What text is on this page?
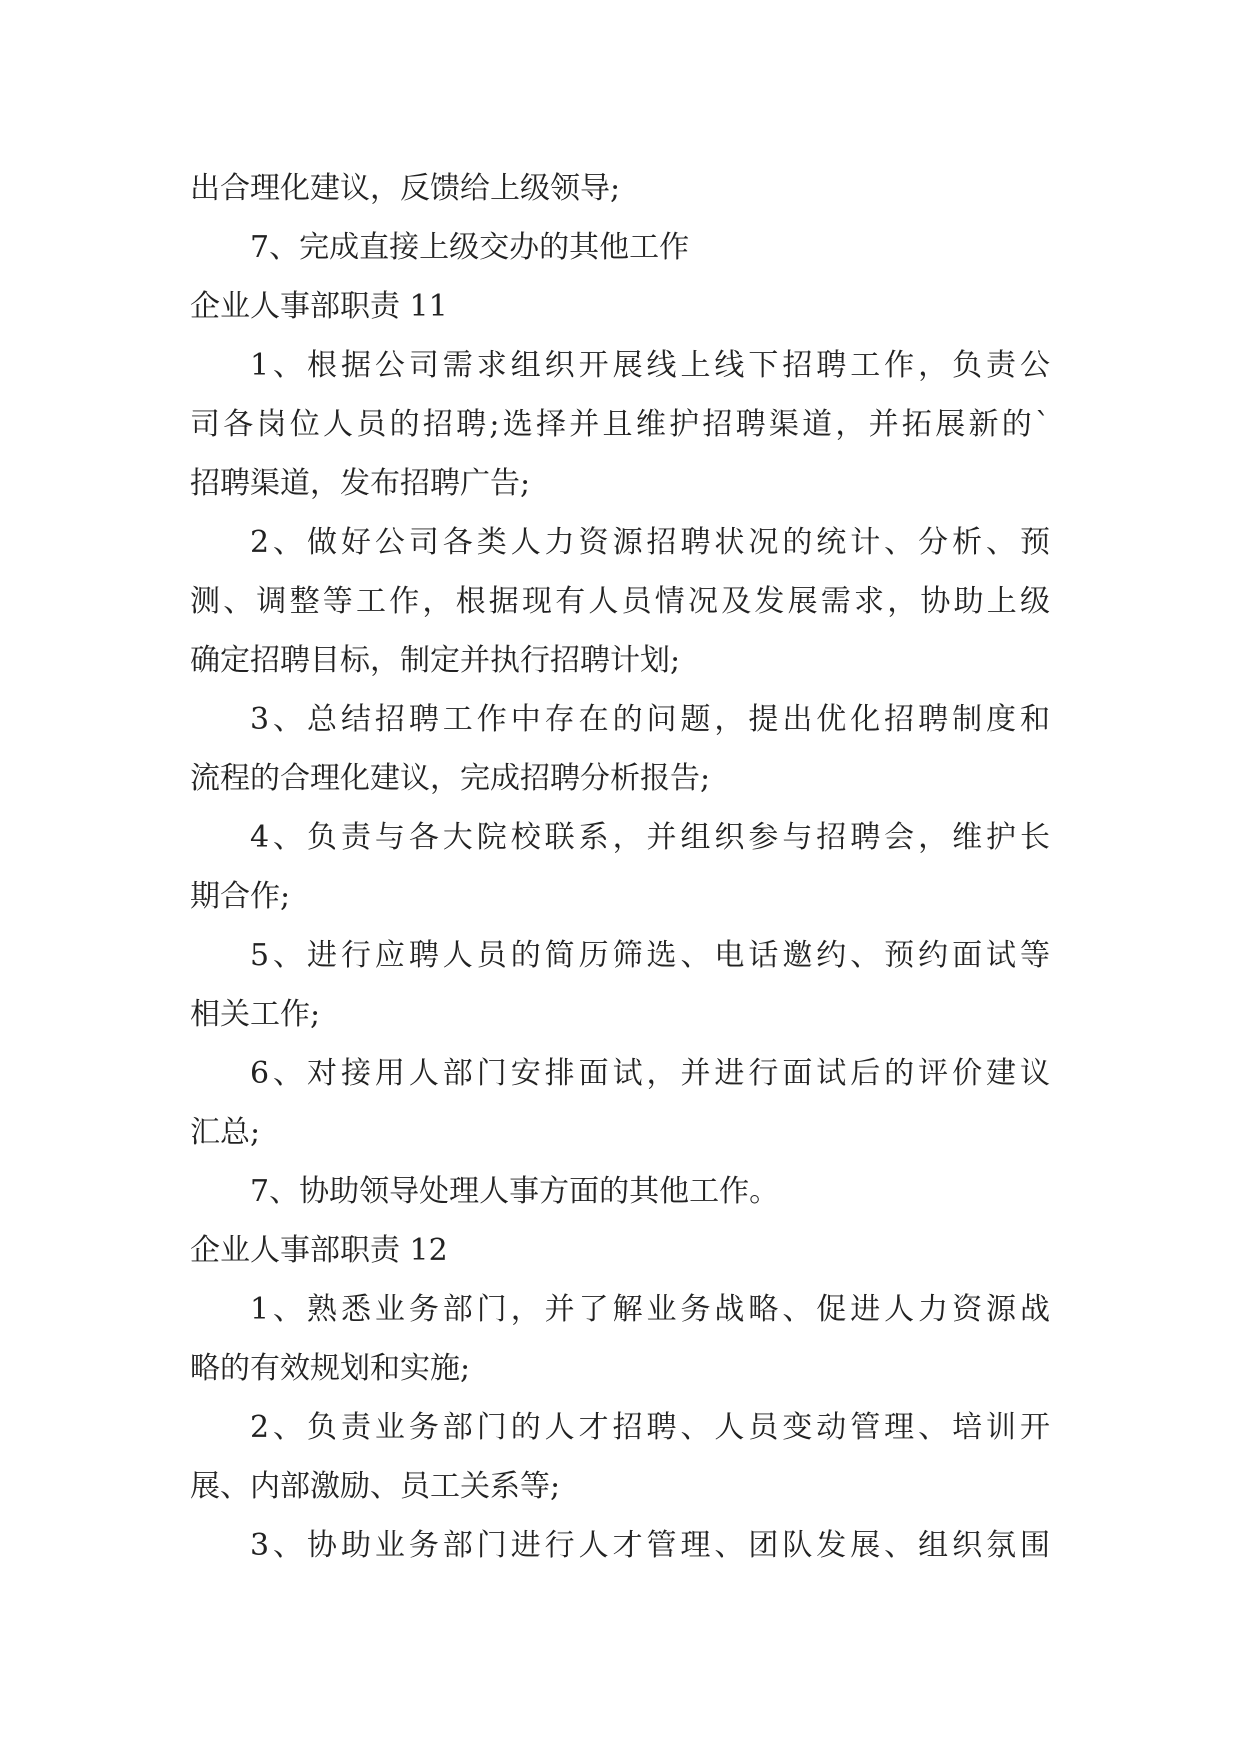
出合理化建议，反馈给上级领导;
7、完成直接上级交办的其他工作
企业人事部职责 11
1、根据公司需求组织开展线上线下招聘工作，负责公
司各岗位人员的招聘;选择并且维护招聘渠道，并拓展新的`
招聘渠道，发布招聘广告;
2、做好公司各类人力资源招聘状况的统计、分析、预
测、调整等工作，根据现有人员情况及发展需求，协助上级
确定招聘目标，制定并执行招聘计划;
3、总结招聘工作中存在的问题，提出优化招聘制度和
流程的合理化建议，完成招聘分析报告;
4、负责与各大院校联系，并组织参与招聘会，维护长
期合作;
5、进行应聘人员的简历筛选、电话邀约、预约面试等
相关工作;
6、对接用人部门安排面试，并进行面试后的评价建议
汇总;
7、协助领导处理人事方面的其他工作。
企业人事部职责 12
1、熟悉业务部门，并了解业务战略、促进人力资源战
略的有效规划和实施;
2、负责业务部门的人才招聘、人员变动管理、培训开
展、内部激励、员工关系等;
3、协助业务部门进行人才管理、团队发展、组织氛围
